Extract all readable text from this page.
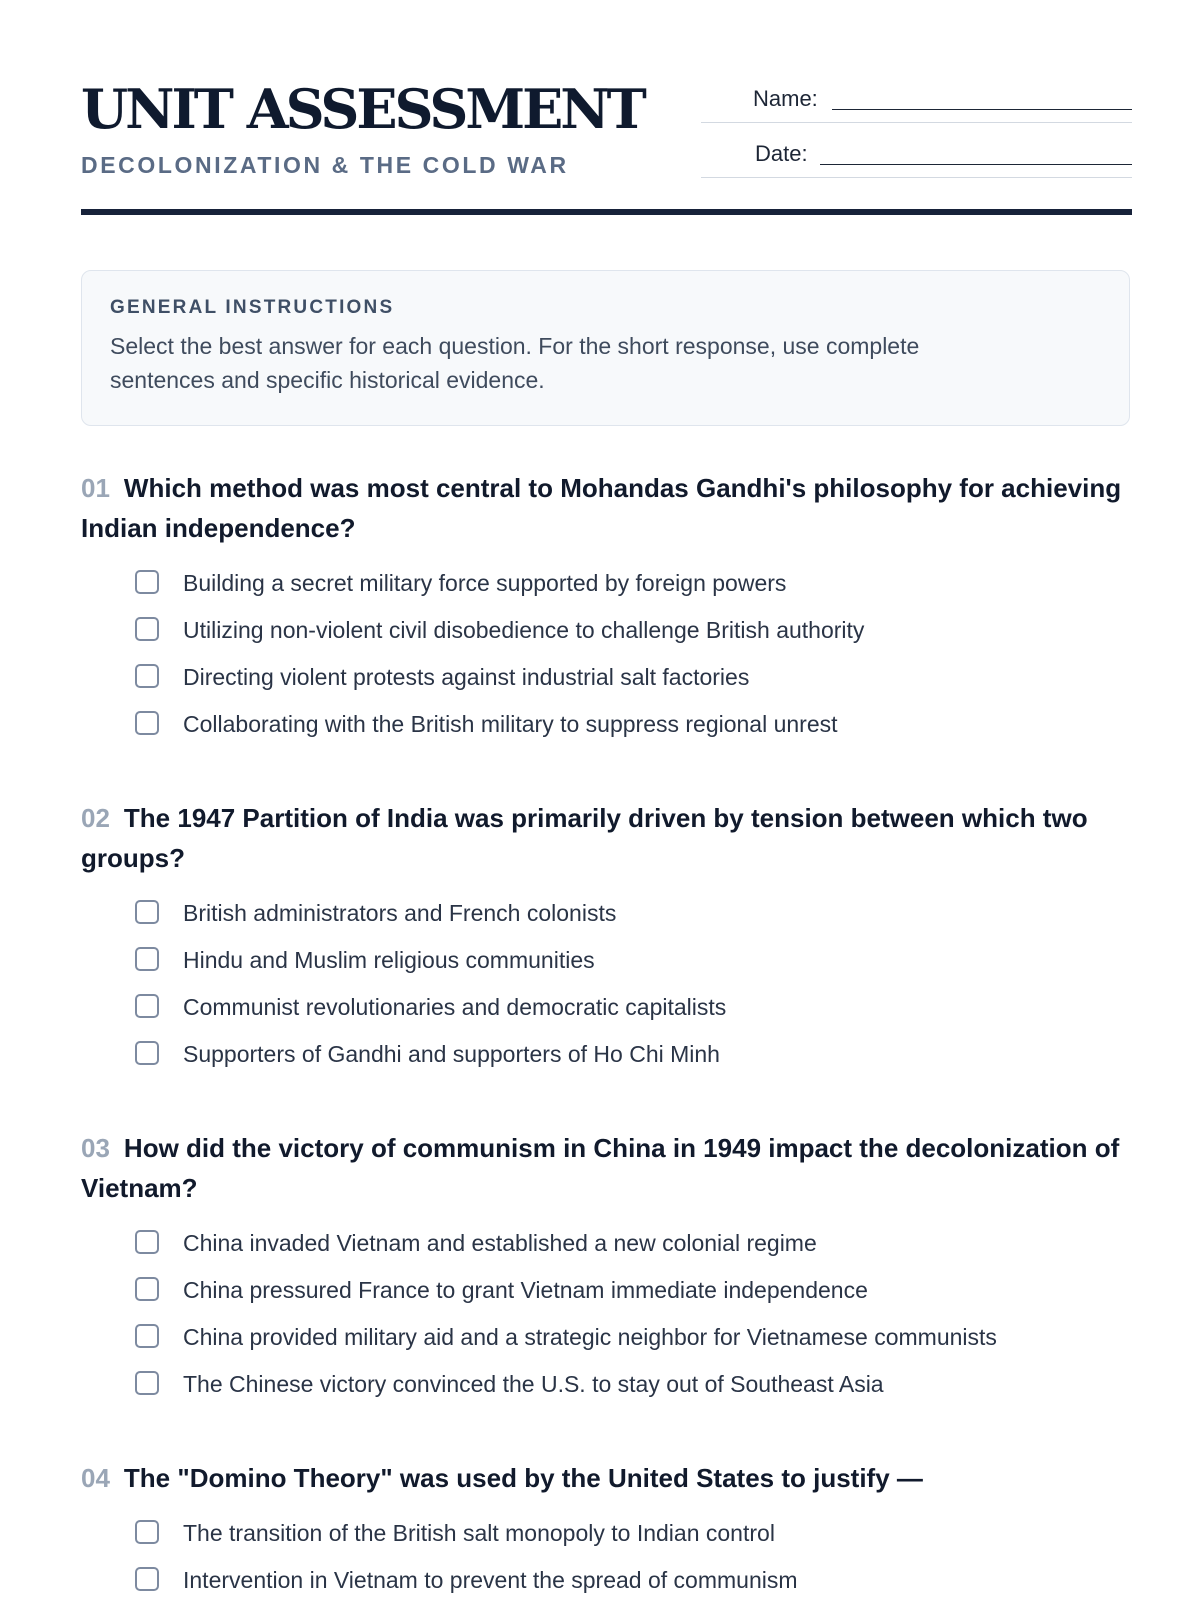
UNIT ASSESSMENT
DECOLONIZATION & THE COLD WAR
Name:
Date:
GENERAL INSTRUCTIONS
Select the best answer for each question. For the short response, use complete sentences and specific historical evidence.
01 Which method was most central to Mohandas Gandhi's philosophy for achieving Indian independence?
Building a secret military force supported by foreign powers
Utilizing non-violent civil disobedience to challenge British authority
Directing violent protests against industrial salt factories
Collaborating with the British military to suppress regional unrest
02 The 1947 Partition of India was primarily driven by tension between which two groups?
British administrators and French colonists
Hindu and Muslim religious communities
Communist revolutionaries and democratic capitalists
Supporters of Gandhi and supporters of Ho Chi Minh
03 How did the victory of communism in China in 1949 impact the decolonization of Vietnam?
China invaded Vietnam and established a new colonial regime
China pressured France to grant Vietnam immediate independence
China provided military aid and a strategic neighbor for Vietnamese communists
The Chinese victory convinced the U.S. to stay out of Southeast Asia
04 The "Domino Theory" was used by the United States to justify —
The transition of the British salt monopoly to Indian control
Intervention in Vietnam to prevent the spread of communism
